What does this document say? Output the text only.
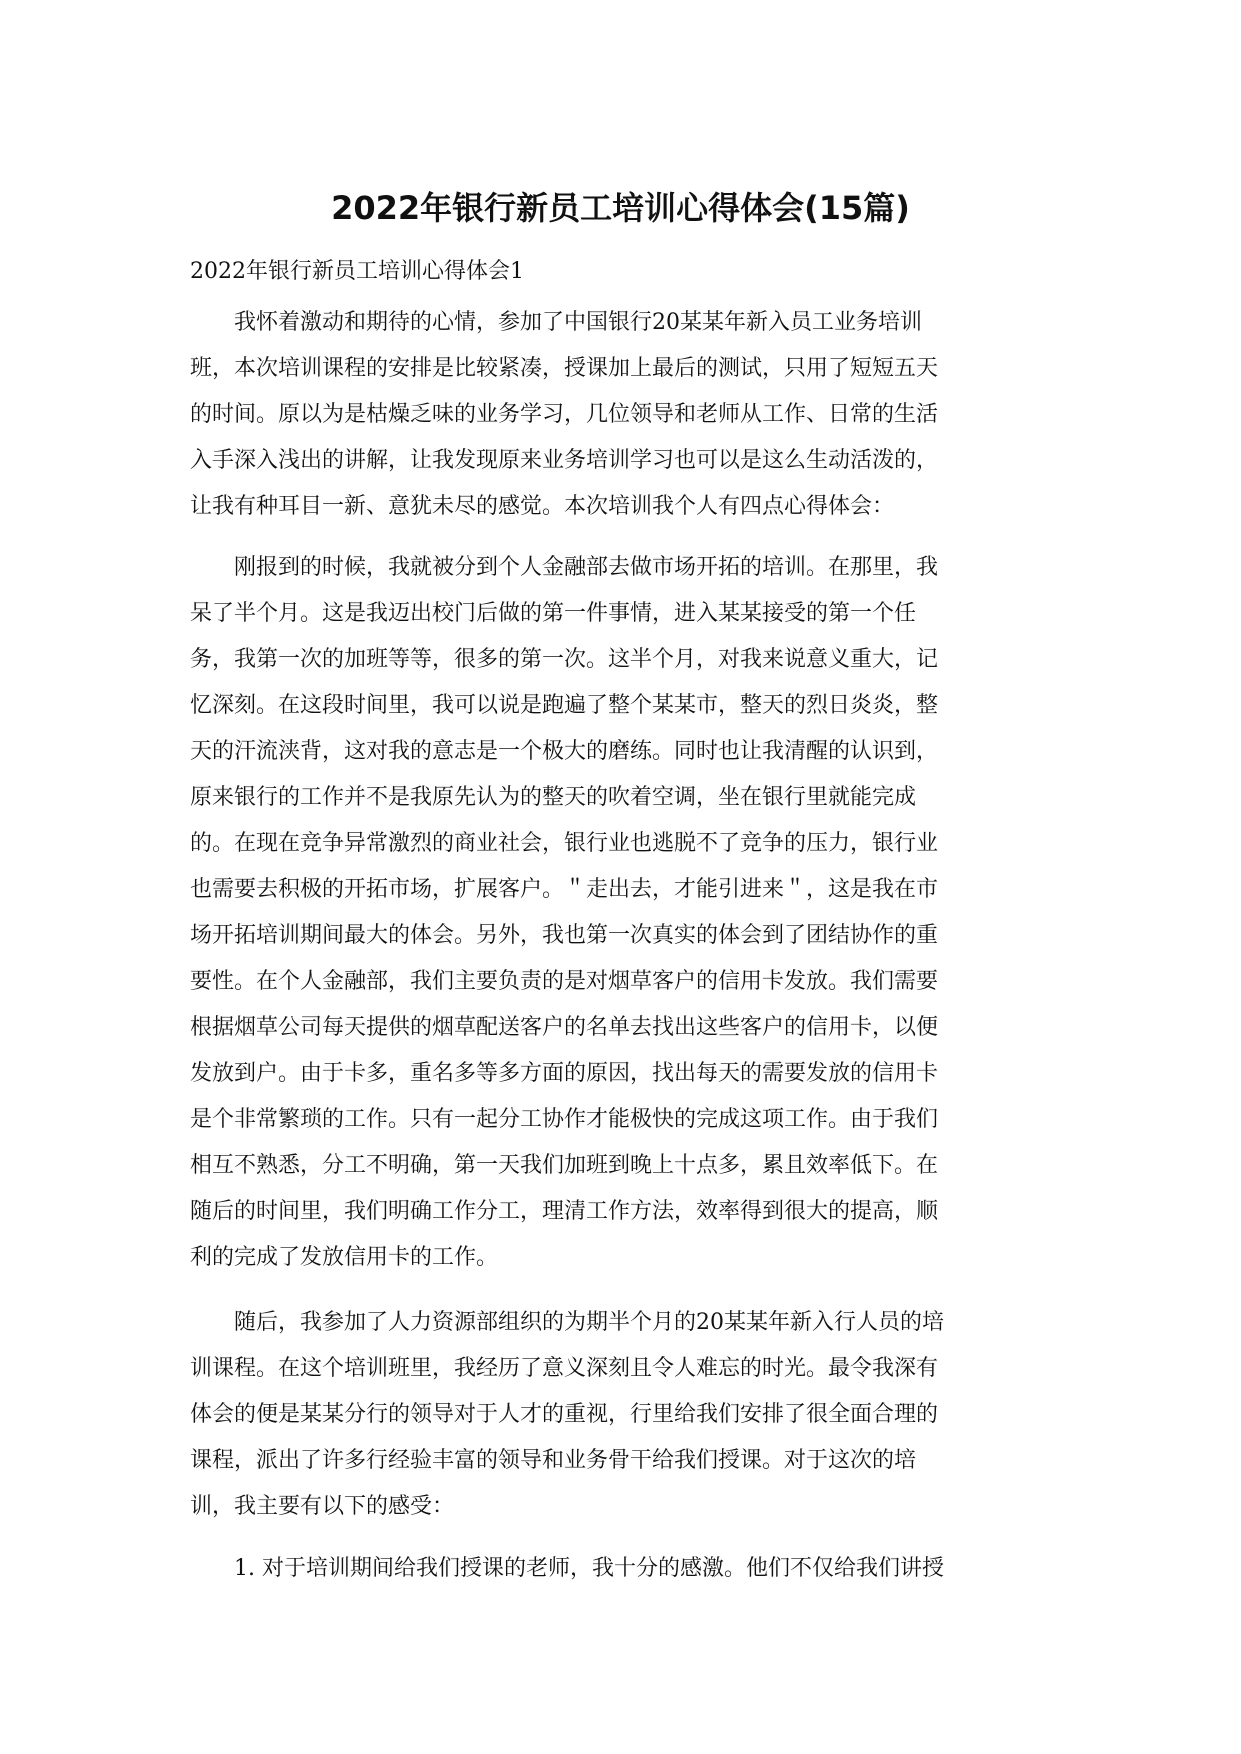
2022年银行新员工培训心得体会(15篇)
2022年银行新员工培训心得体会1
　　我怀着激动和期待的心情，参加了中国银行20某某年新入员工业务培训
班，本次培训课程的安排是比较紧凑，授课加上最后的测试，只用了短短五天
的时间。原以为是枯燥乏味的业务学习，几位领导和老师从工作、日常的生活
入手深入浅出的讲解，让我发现原来业务培训学习也可以是这么生动活泼的，
让我有种耳目一新、意犹未尽的感觉。本次培训我个人有四点心得体会：
　　刚报到的时候，我就被分到个人金融部去做市场开拓的培训。在那里，我
呆了半个月。这是我迈出校门后做的第一件事情，进入某某接受的第一个任
务，我第一次的加班等等，很多的第一次。这半个月，对我来说意义重大，记
忆深刻。在这段时间里，我可以说是跑遍了整个某某市，整天的烈日炎炎，整
天的汗流浃背，这对我的意志是一个极大的磨练。同时也让我清醒的认识到，
原来银行的工作并不是我原先认为的整天的吹着空调，坐在银行里就能完成
的。在现在竞争异常激烈的商业社会，银行业也逃脱不了竞争的压力，银行业
也需要去积极的开拓市场，扩展客户。＂走出去，才能引进来＂，这是我在市
场开拓培训期间最大的体会。另外，我也第一次真实的体会到了团结协作的重
要性。在个人金融部，我们主要负责的是对烟草客户的信用卡发放。我们需要
根据烟草公司每天提供的烟草配送客户的名单去找出这些客户的信用卡，以便
发放到户。由于卡多，重名多等多方面的原因，找出每天的需要发放的信用卡
是个非常繁琐的工作。只有一起分工协作才能极快的完成这项工作。由于我们
相互不熟悉，分工不明确，第一天我们加班到晚上十点多，累且效率低下。在
随后的时间里，我们明确工作分工，理清工作方法，效率得到很大的提高，顺
利的完成了发放信用卡的工作。
　　随后，我参加了人力资源部组织的为期半个月的20某某年新入行人员的培
训课程。在这个培训班里，我经历了意义深刻且令人难忘的时光。最令我深有
体会的便是某某分行的领导对于人才的重视，行里给我们安排了很全面合理的
课程，派出了许多行经验丰富的领导和业务骨干给我们授课。对于这次的培
训，我主要有以下的感受：
　　1. 对于培训期间给我们授课的老师，我十分的感激。他们不仅给我们讲授
